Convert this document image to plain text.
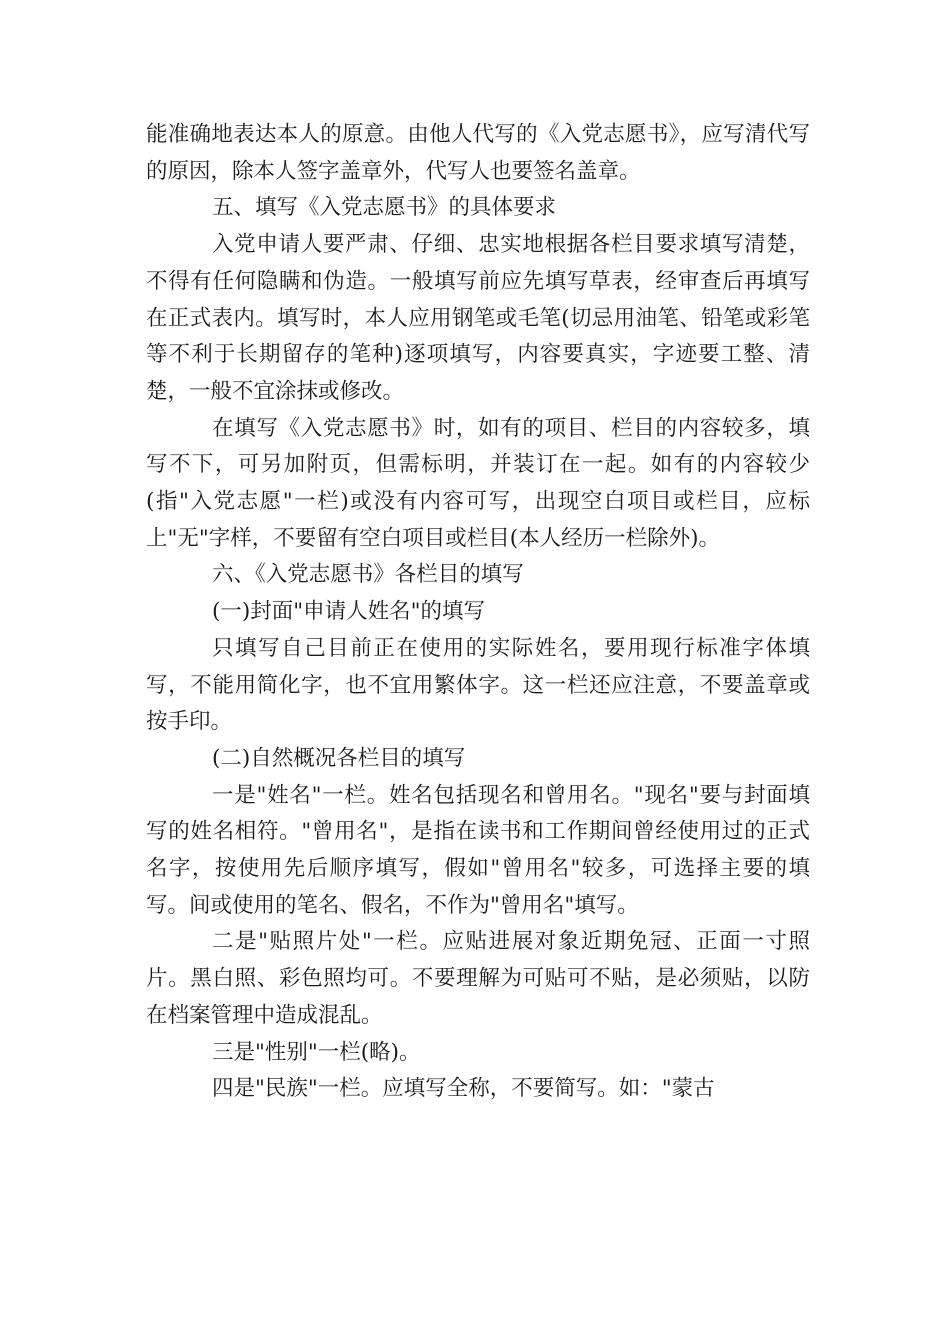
能准确地表达本人的原意。由他人代写的《入党志愿书》，应写清代写的原因，除本人签字盖章外，代写人也要签名盖章。

五、填写《入党志愿书》的具体要求

入党申请人要严肃、仔细、忠实地根据各栏目要求填写清楚，不得有任何隐瞒和伪造。一般填写前应先填写草表，经审查后再填写在正式表内。填写时，本人应用钢笔或毛笔(切忌用油笔、铅笔或彩笔等不利于长期留存的笔种)逐项填写，内容要真实，字迹要工整、清楚，一般不宜涂抹或修改。

在填写《入党志愿书》时，如有的项目、栏目的内容较多，填写不下，可另加附页，但需标明，并装订在一起。如有的内容较少(指"入党志愿"一栏)或没有内容可写，出现空白项目或栏目，应标上"无"字样，不要留有空白项目或栏目(本人经历一栏除外)。

六、《入党志愿书》各栏目的填写

(一)封面"申请人姓名"的填写

只填写自己目前正在使用的实际姓名，要用现行标准字体填写，不能用简化字，也不宜用繁体字。这一栏还应注意，不要盖章或按手印。

(二)自然概况各栏目的填写

一是"姓名"一栏。姓名包括现名和曾用名。"现名"要与封面填写的姓名相符。"曾用名"，是指在读书和工作期间曾经使用过的正式名字，按使用先后顺序填写，假如"曾用名"较多，可选择主要的填写。间或使用的笔名、假名，不作为"曾用名"填写。

二是"贴照片处"一栏。应贴进展对象近期免冠、正面一寸照片。黑白照、彩色照均可。不要理解为可贴可不贴，是必须贴，以防在档案管理中造成混乱。

三是"性别"一栏(略)。

四是"民族"一栏。应填写全称，不要简写。如："蒙古
